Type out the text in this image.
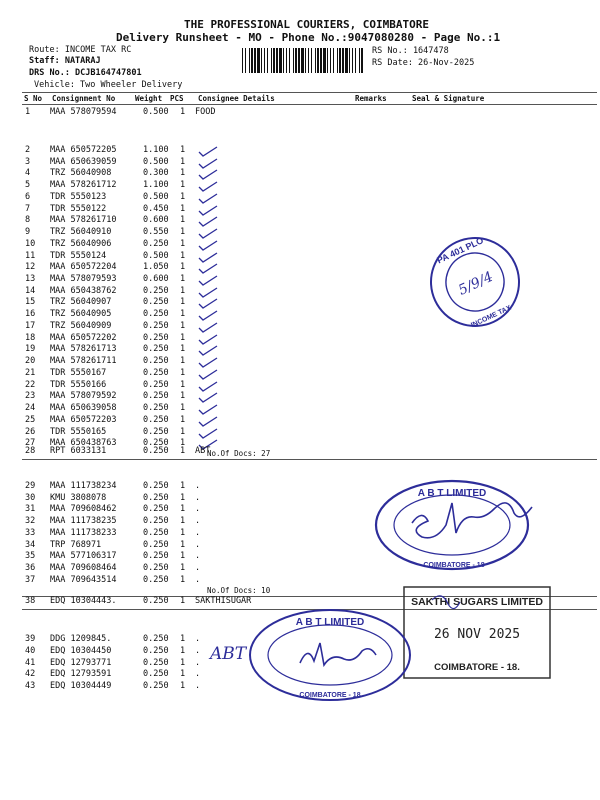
THE PROFESSIONAL COURIERS, COIMBATORE
Delivery Runsheet - MO - Phone No.:9047080280 - Page No.:1
Route: INCOME TAX RC
Staff: NATARAJ
DRS No.: DCJB164747801
Vehicle: Two Wheeler Delivery
RS No.: 1647478
RS Date: 26-Nov-2025
S No Consignment No	Weight PCS Consignee Details	Remarks	Seal & Signature
1 MAA 578079594	0.500 1 FOOD
2 MAA 650572205	1.100 1
3 MAA 650639059	0.500 1
4 TRZ 56040908	0.300 1
5 MAA 578261712	1.100 1
6 TDR 5550123	0.500 1
7 TDR 5550122	0.450 1
8 MAA 578261710	0.600 1
9 TRZ 56040910	0.550 1
10 TRZ 56040906	0.250 1
11 TDR 5550124	0.500 1
12 MAA 650572204	1.050 1
13 MAA 578079593	0.600 1
14 MAA 650438762	0.250 1
15 TRZ 56040907	0.250 1
16 TRZ 56040905	0.250 1
17 TRZ 56040909	0.250 1
18 MAA 650572202	0.250 1
19 MAA 578261713	0.250 1
20 MAA 578261711	0.250 1
21 TDR 5550167	0.250 1
22 TDR 5550166	0.250 1
23 MAA 578079592	0.250 1
24 MAA 650639058	0.250 1
25 MAA 650572203	0.250 1
26 TDR 5550165	0.250 1
27 MAA 650438763	0.250 1
No.Of Docs: 27
28 RPT 6033131	0.250 1 ABT
29 MAA 111738234	0.250 1 .
30 KMU 3808078	0.250 1 .
31 MAA 709608462	0.250 1 .
32 MAA 111738235	0.250 1 .
33 MAA 111738233	0.250 1 .
34 TRP 768971	0.250 1 .
35 MAA 577106317	0.250 1 .
36 MAA 709608464	0.250 1 .
37 MAA 709643514	0.250 1 .
No.Of Docs: 10
38 EDQ 10304443.	0.250 1 SAKTHISUGAR
39 DDG 1209845.	0.250 1 .
40 EDQ 10304450	0.250 1 .
41 EDQ 12793771	0.250 1 .
42 EDQ 12793591	0.250 1 .
43 EDQ 10304449	0.250 1 .
PA 401 PLO
INCOME TAX
5/9/4
A B T LIMITED
COIMBATORE - 18
SAKTHI SUGARS LIMITED
26 NOV 2025
COIMBATORE - 18.
ABT
A B T LIMITED
COIMBATORE - 18
